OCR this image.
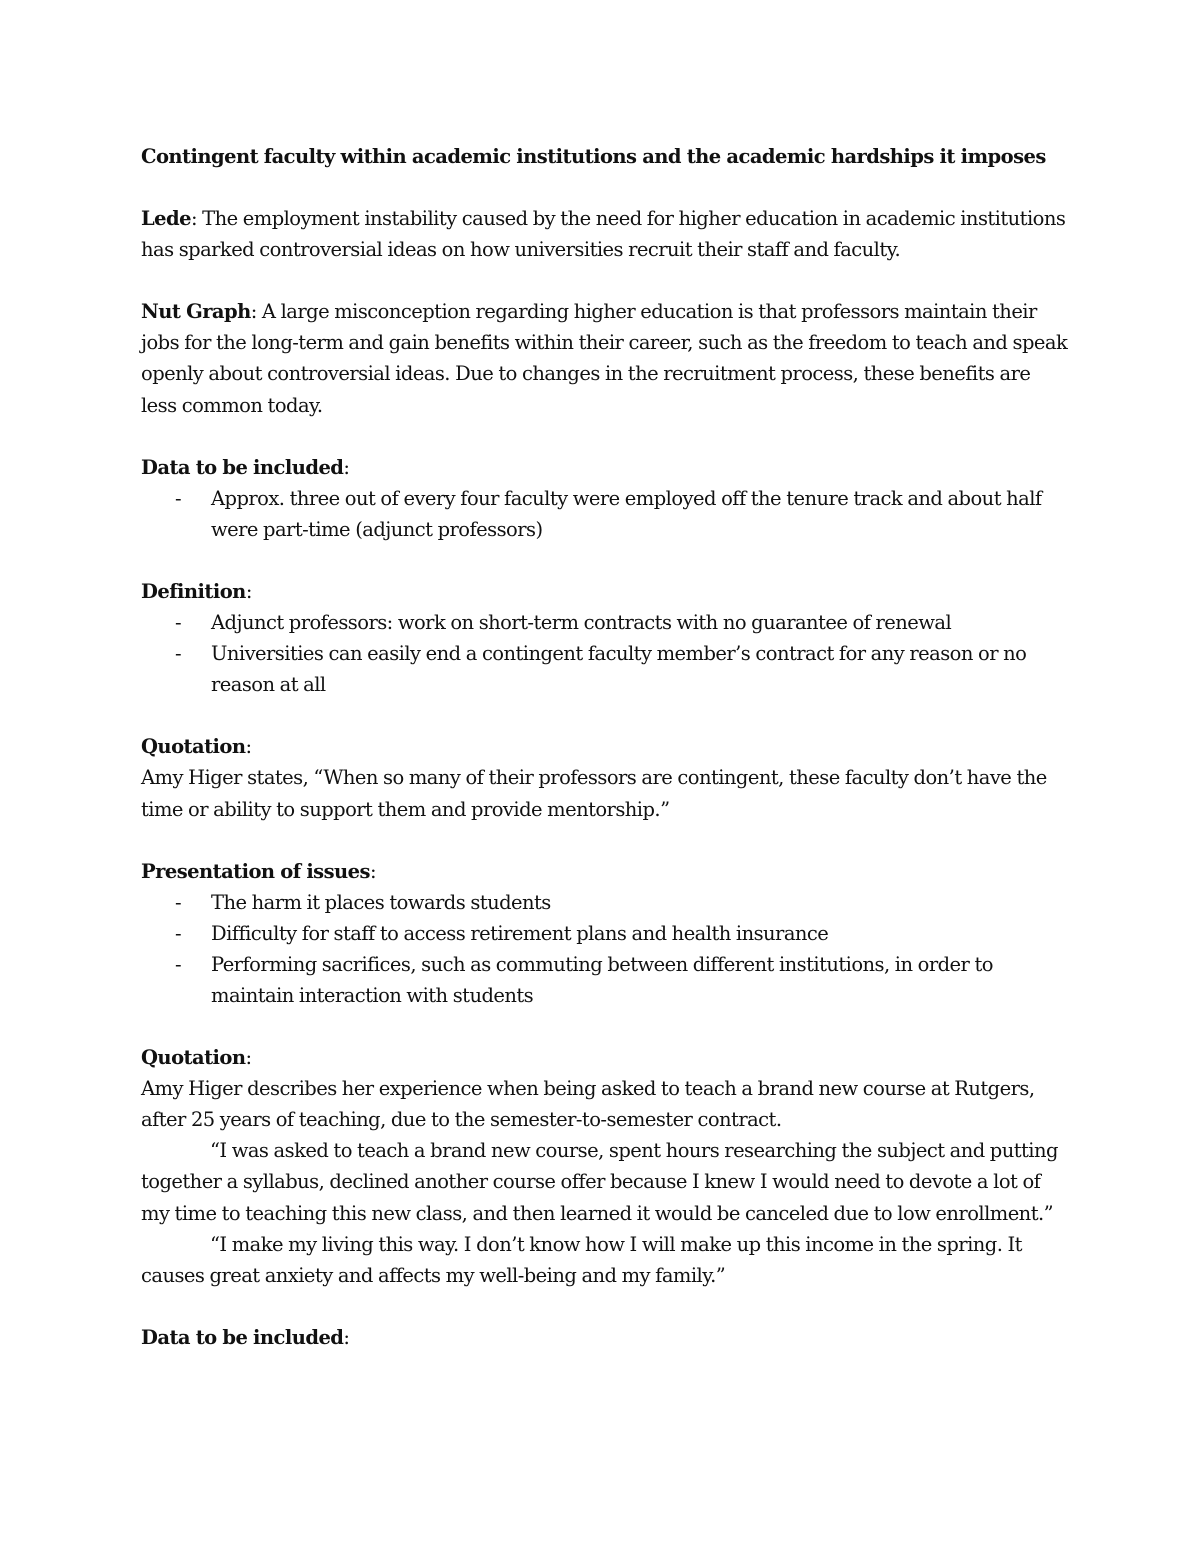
Contingent faculty within academic institutions and the academic hardships it imposes

Lede: The employment instability caused by the need for higher education in academic institutions has sparked controversial ideas on how universities recruit their staff and faculty.

Nut Graph: A large misconception regarding higher education is that professors maintain their jobs for the long-term and gain benefits within their career, such as the freedom to teach and speak openly about controversial ideas. Due to changes in the recruitment process, these benefits are less common today.

Data to be included:

- Approx. three out of every four faculty were employed off the tenure track and about half were part-time (adjunct professors)

Definition:

- Adjunct professors: work on short-term contracts with no guarantee of renewal
- Universities can easily end a contingent faculty member’s contract for any reason or no reason at all

Quotation:

Amy Higer states, “When so many of their professors are contingent, these faculty don’t have the time or ability to support them and provide mentorship.”

Presentation of issues:

- The harm it places towards students
- Difficulty for staff to access retirement plans and health insurance
- Performing sacrifices, such as commuting between different institutions, in order to maintain interaction with students

Quotation:

Amy Higer describes her experience when being asked to teach a brand new course at Rutgers, after 25 years of teaching, due to the semester-to-semester contract.

“I was asked to teach a brand new course, spent hours researching the subject and putting together a syllabus, declined another course offer because I knew I would need to devote a lot of my time to teaching this new class, and then learned it would be canceled due to low enrollment.”

“I make my living this way. I don’t know how I will make up this income in the spring. It causes great anxiety and affects my well-being and my family.”

Data to be included:
